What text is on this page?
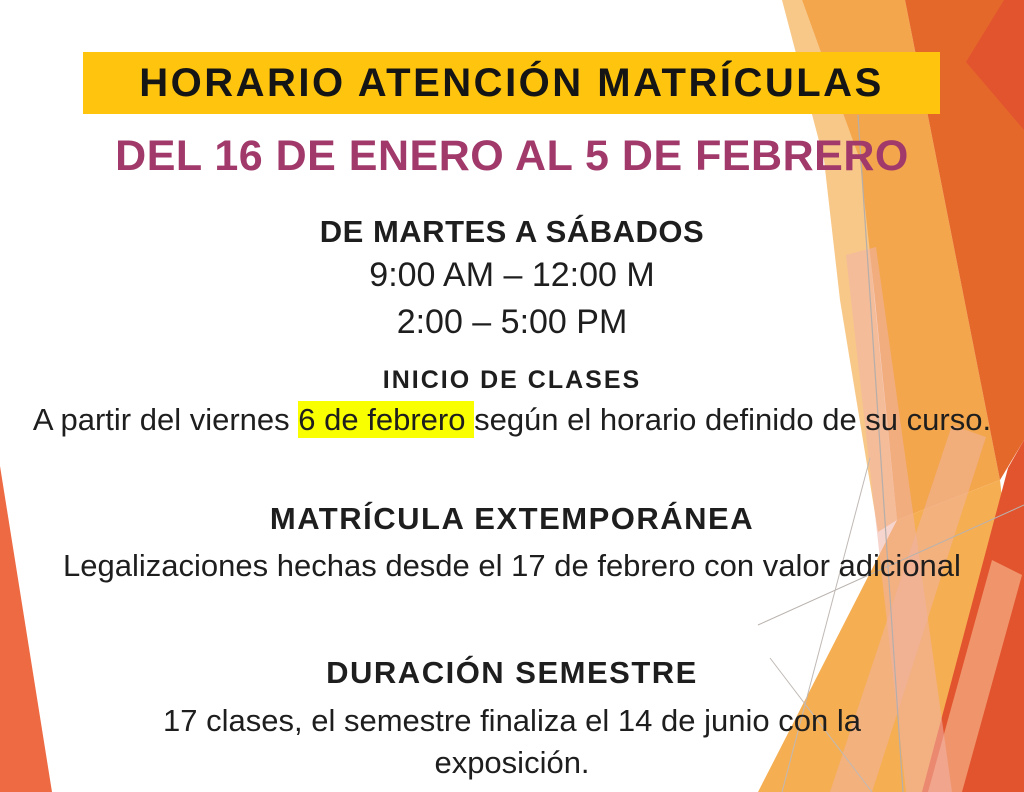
HORARIO ATENCIÓN MATRÍCULAS
DEL 16 DE ENERO AL 5 DE FEBRERO
DE MARTES A SÁBADOS
9:00 AM – 12:00 M
2:00 – 5:00 PM
INICIO DE CLASES
A partir del viernes 6 de febrero según el horario definido de su curso.
MATRÍCULA EXTEMPORÁNEA
Legalizaciones hechas desde el 17 de febrero con valor adicional
DURACIÓN SEMESTRE
17 clases, el semestre finaliza el 14 de junio con la exposición.
